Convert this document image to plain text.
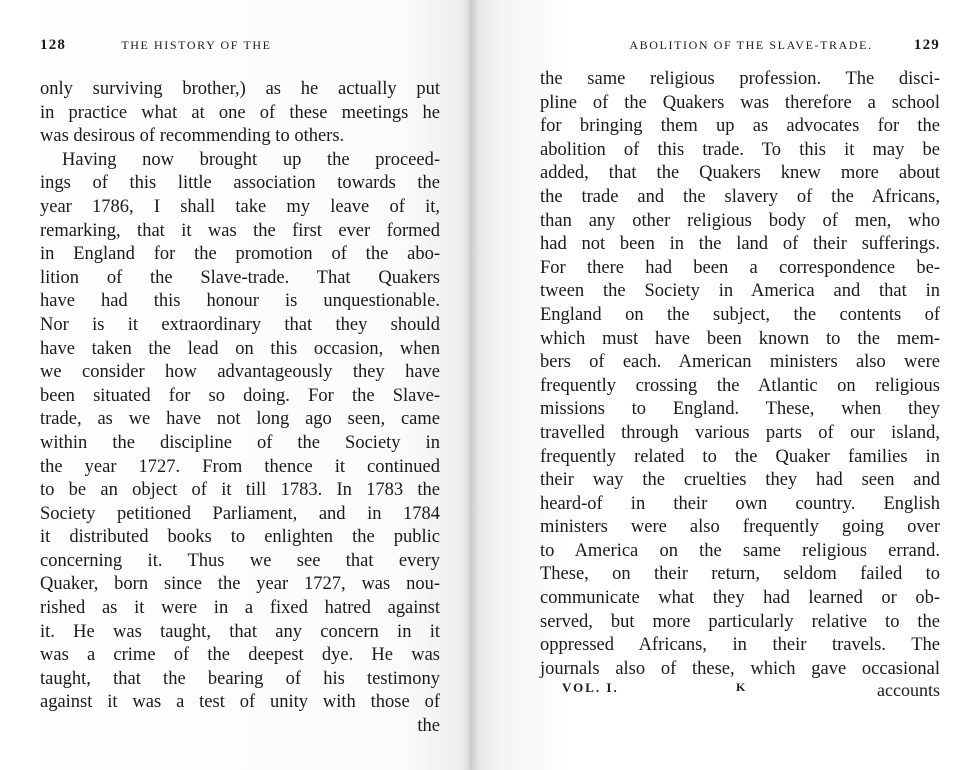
128	THE HISTORY OF THE
only surviving brother,) as he actually put
in practice what at one of these meetings he
was desirous of recommending to others.
Having now brought up the proceed-
ings of this little association towards the
year 1786, I shall take my leave of it,
remarking, that it was the first ever formed
in England for the promotion of the abo-
lition of the Slave-trade. That Quakers
have had this honour is unquestionable.
Nor is it extraordinary that they should
have taken the lead on this occasion, when
we consider how advantageously they have
been situated for so doing. For the Slave-
trade, as we have not long ago seen, came
within the discipline of the Society in
the year 1727. From thence it continued
to be an object of it till 1783. In 1783 the
Society petitioned Parliament, and in 1784
it distributed books to enlighten the public
concerning it. Thus we see that every
Quaker, born since the year 1727, was nou-
rished as it were in a fixed hatred against
it. He was taught, that any concern in it
was a crime of the deepest dye. He was
taught, that the bearing of his testimony
against it was a test of unity with those of
the
ABOLITION OF THE SLAVE-TRADE.	129
the same religious profession. The disci-
pline of the Quakers was therefore a school
for bringing them up as advocates for the
abolition of this trade. To this it may be
added, that the Quakers knew more about
the trade and the slavery of the Africans,
than any other religious body of men, who
had not been in the land of their sufferings.
For there had been a correspondence be-
tween the Society in America and that in
England on the subject, the contents of
which must have been known to the mem-
bers of each. American ministers also were
frequently crossing the Atlantic on religious
missions to England. These, when they
travelled through various parts of our island,
frequently related to the Quaker families in
their way the cruelties they had seen and
heard-of in their own country. English
ministers were also frequently going over
to America on the same religious errand.
These, on their return, seldom failed to
communicate what they had learned or ob-
served, but more particularly relative to the
oppressed Africans, in their travels. The
journals also of these, which gave occasional
VOL. I.	K	accounts
